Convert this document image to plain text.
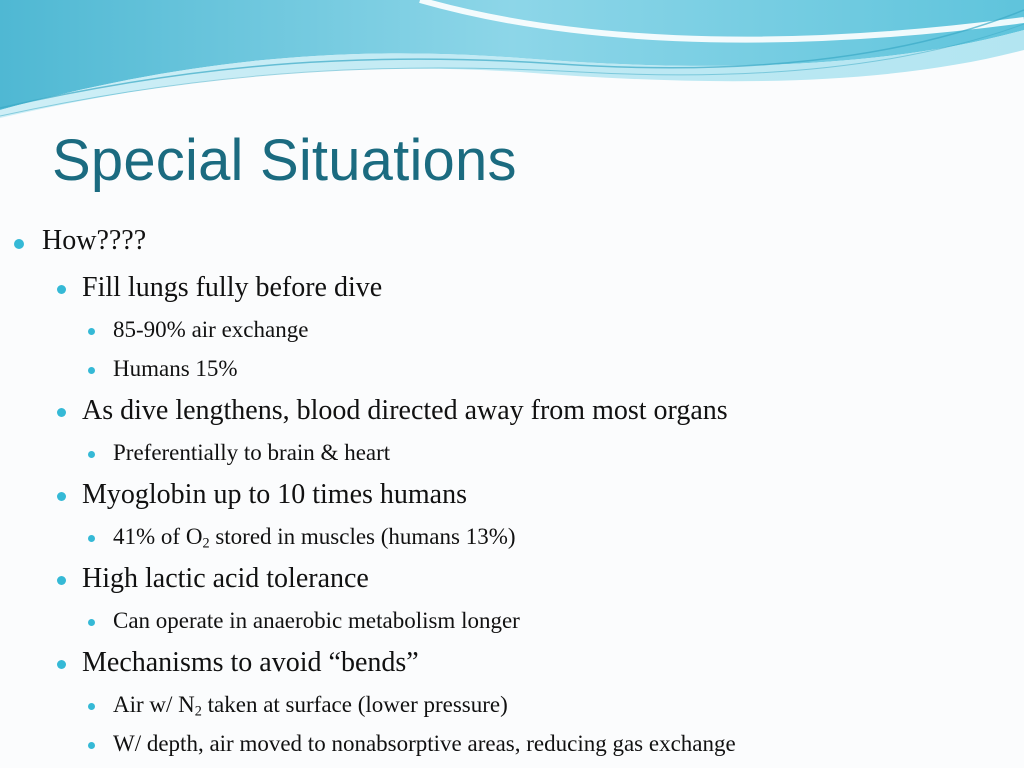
Special Situations
How????
Fill lungs fully before dive
85-90% air exchange
Humans 15%
As dive lengthens, blood directed away from most organs
Preferentially to brain & heart
Myoglobin up to 10 times humans
41% of $O_2$ stored in muscles (humans 13%)
High lactic acid tolerance
Can operate in anaerobic metabolism longer
Mechanisms to avoid “bends”
Air w/ $N_2$ taken at surface (lower pressure)
W/ depth, air moved to nonabsorptive areas, reducing gas exchange
